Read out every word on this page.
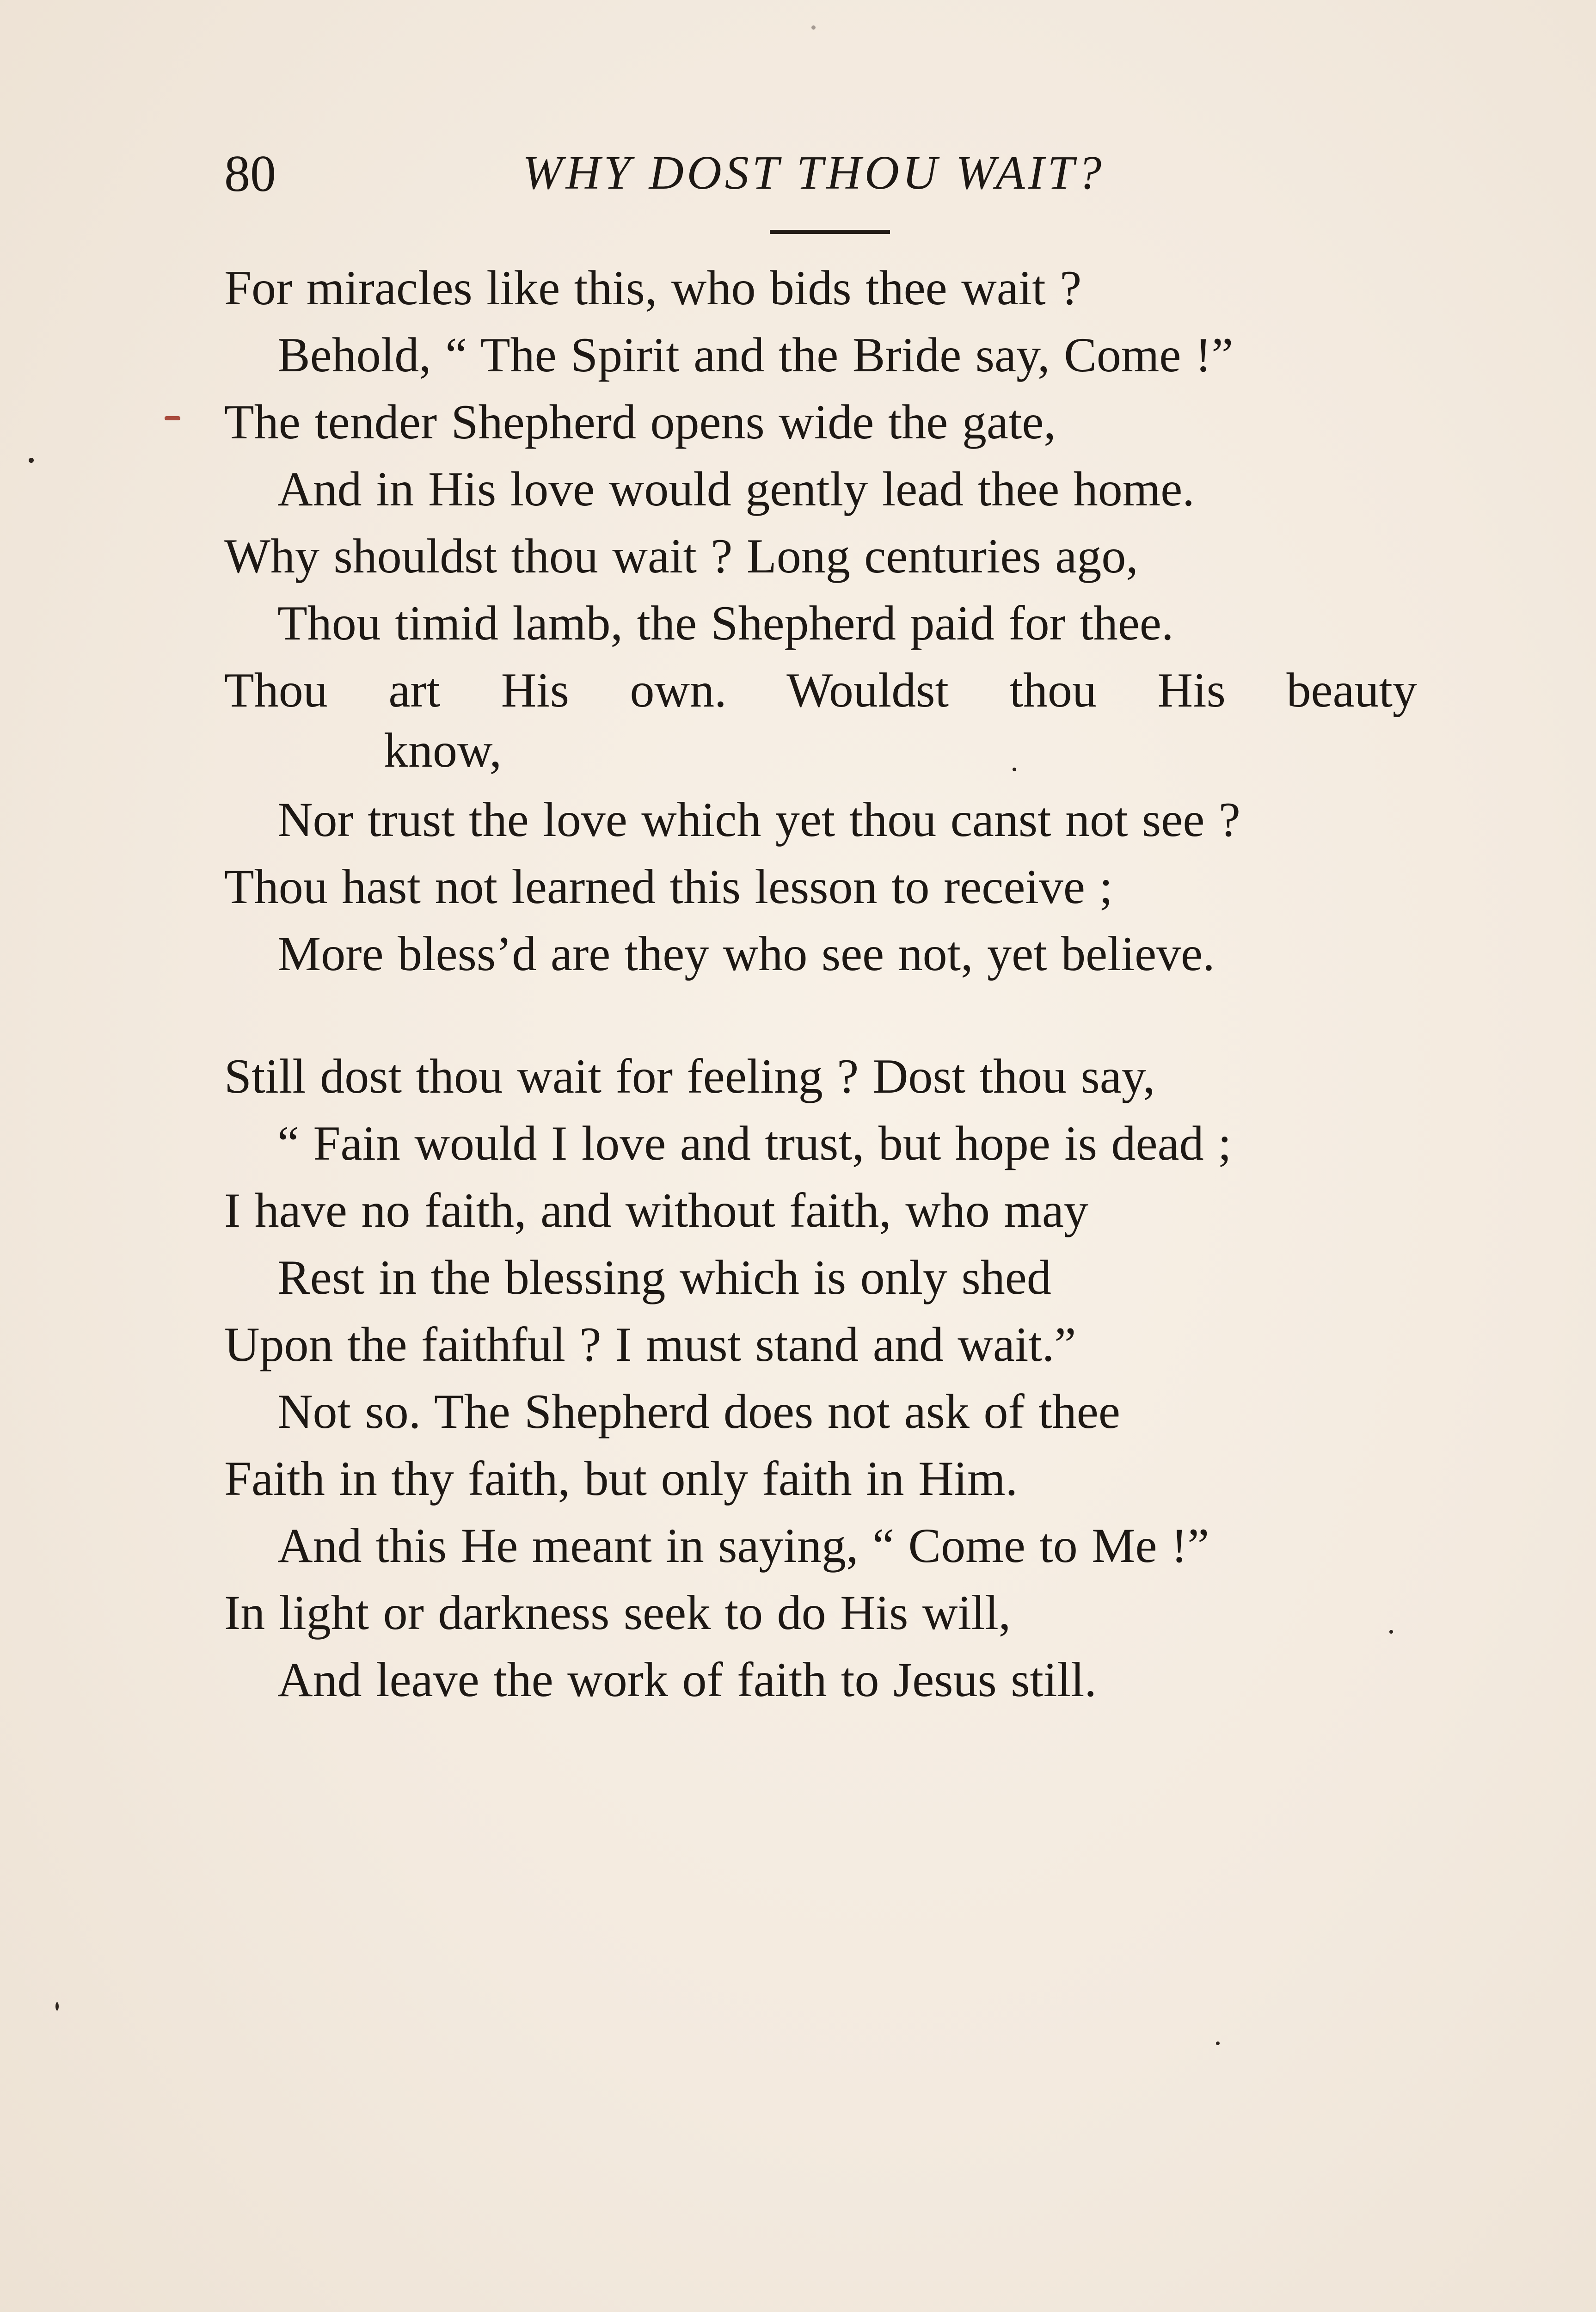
80	WHY DOST THOU WAIT?
For miracles like this, who bids thee wait ?
Behold, “ The Spirit and the Bride say, Come !”
The tender Shepherd opens wide the gate,
And in His love would gently lead thee home.
Why shouldst thou wait ? Long centuries ago,
Thou timid lamb, the Shepherd paid for thee.
Thou art His own. Wouldst thou His beauty
know,
Nor trust the love which yet thou canst not see ?
Thou hast not learned this lesson to receive ;
More bless’d are they who see not, yet believe.
Still dost thou wait for feeling ? Dost thou say,
“ Fain would I love and trust, but hope is dead ;
I have no faith, and without faith, who may
Rest in the blessing which is only shed
Upon the faithful ? I must stand and wait.”
Not so. The Shepherd does not ask of thee
Faith in thy faith, but only faith in Him.
And this He meant in saying, “ Come to Me !”
In light or darkness seek to do His will,
And leave the work of faith to Jesus still.
